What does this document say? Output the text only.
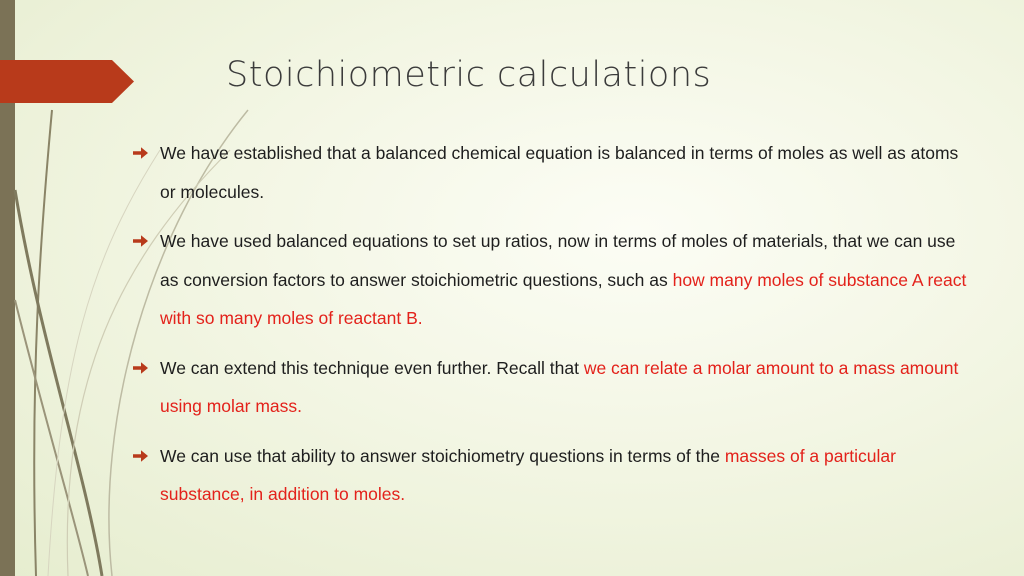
Stoichiometric calculations
We have established that a balanced chemical equation is balanced in terms of moles as well as atoms or molecules.
We have used balanced equations to set up ratios, now in terms of moles of materials, that we can use as conversion factors to answer stoichiometric questions, such as how many moles of substance A react with so many moles of reactant B.
We can extend this technique even further. Recall that we can relate a molar amount to a mass amount using molar mass.
We can use that ability to answer stoichiometry questions in terms of the masses of a particular substance, in addition to moles.
